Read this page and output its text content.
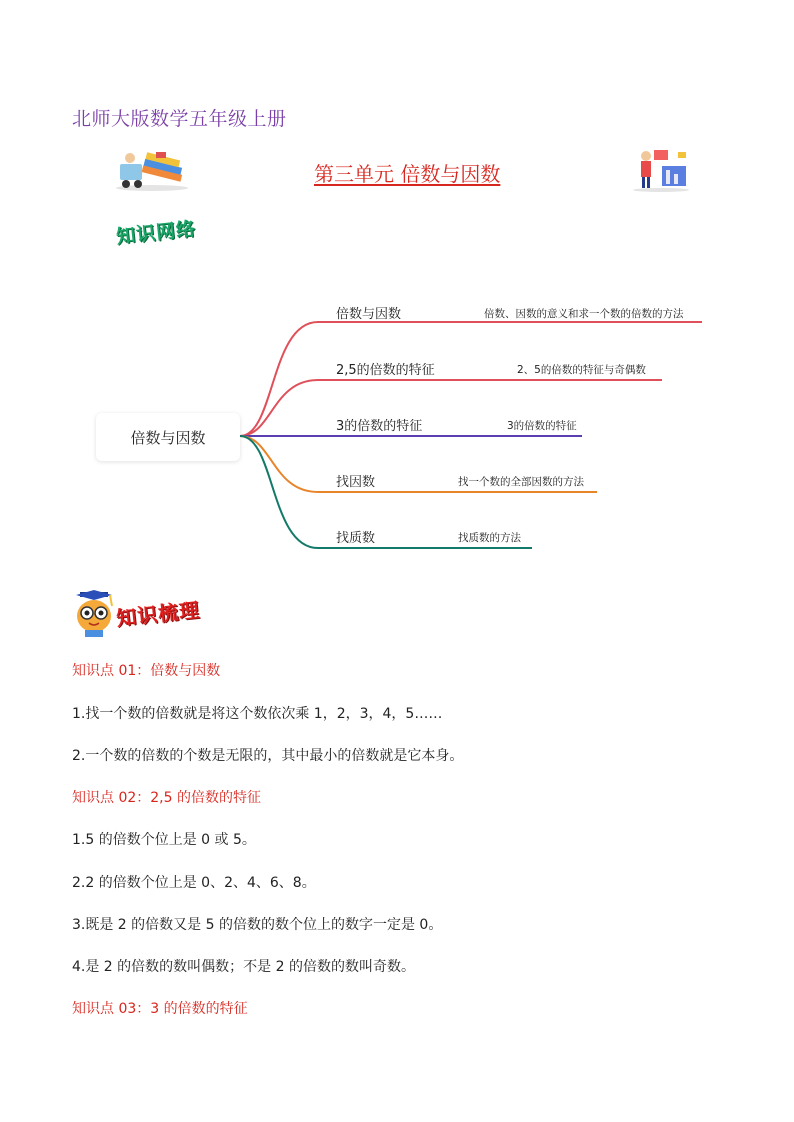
北师大版数学五年级上册
第三单元 倍数与因数
知识网络
倍数与因数
倍数与因数	倍数、因数的意义和求一个数的倍数的方法
2,5的倍数的特征	2、5的倍数的特征与奇偶数
3的倍数的特征	3的倍数的特征
找因数	找一个数的全部因数的方法
找质数	找质数的方法
知识梳理
知识点 01：倍数与因数
1.找一个数的倍数就是将这个数依次乘 1，2，3，4，5……
2.一个数的倍数的个数是无限的，其中最小的倍数就是它本身。
知识点 02：2,5 的倍数的特征
1.5 的倍数个位上是 0 或 5。
2.2 的倍数个位上是 0、2、4、6、8。
3.既是 2 的倍数又是 5 的倍数的数个位上的数字一定是 0。
4.是 2 的倍数的数叫偶数；不是 2 的倍数的数叫奇数。
知识点 03：3 的倍数的特征
